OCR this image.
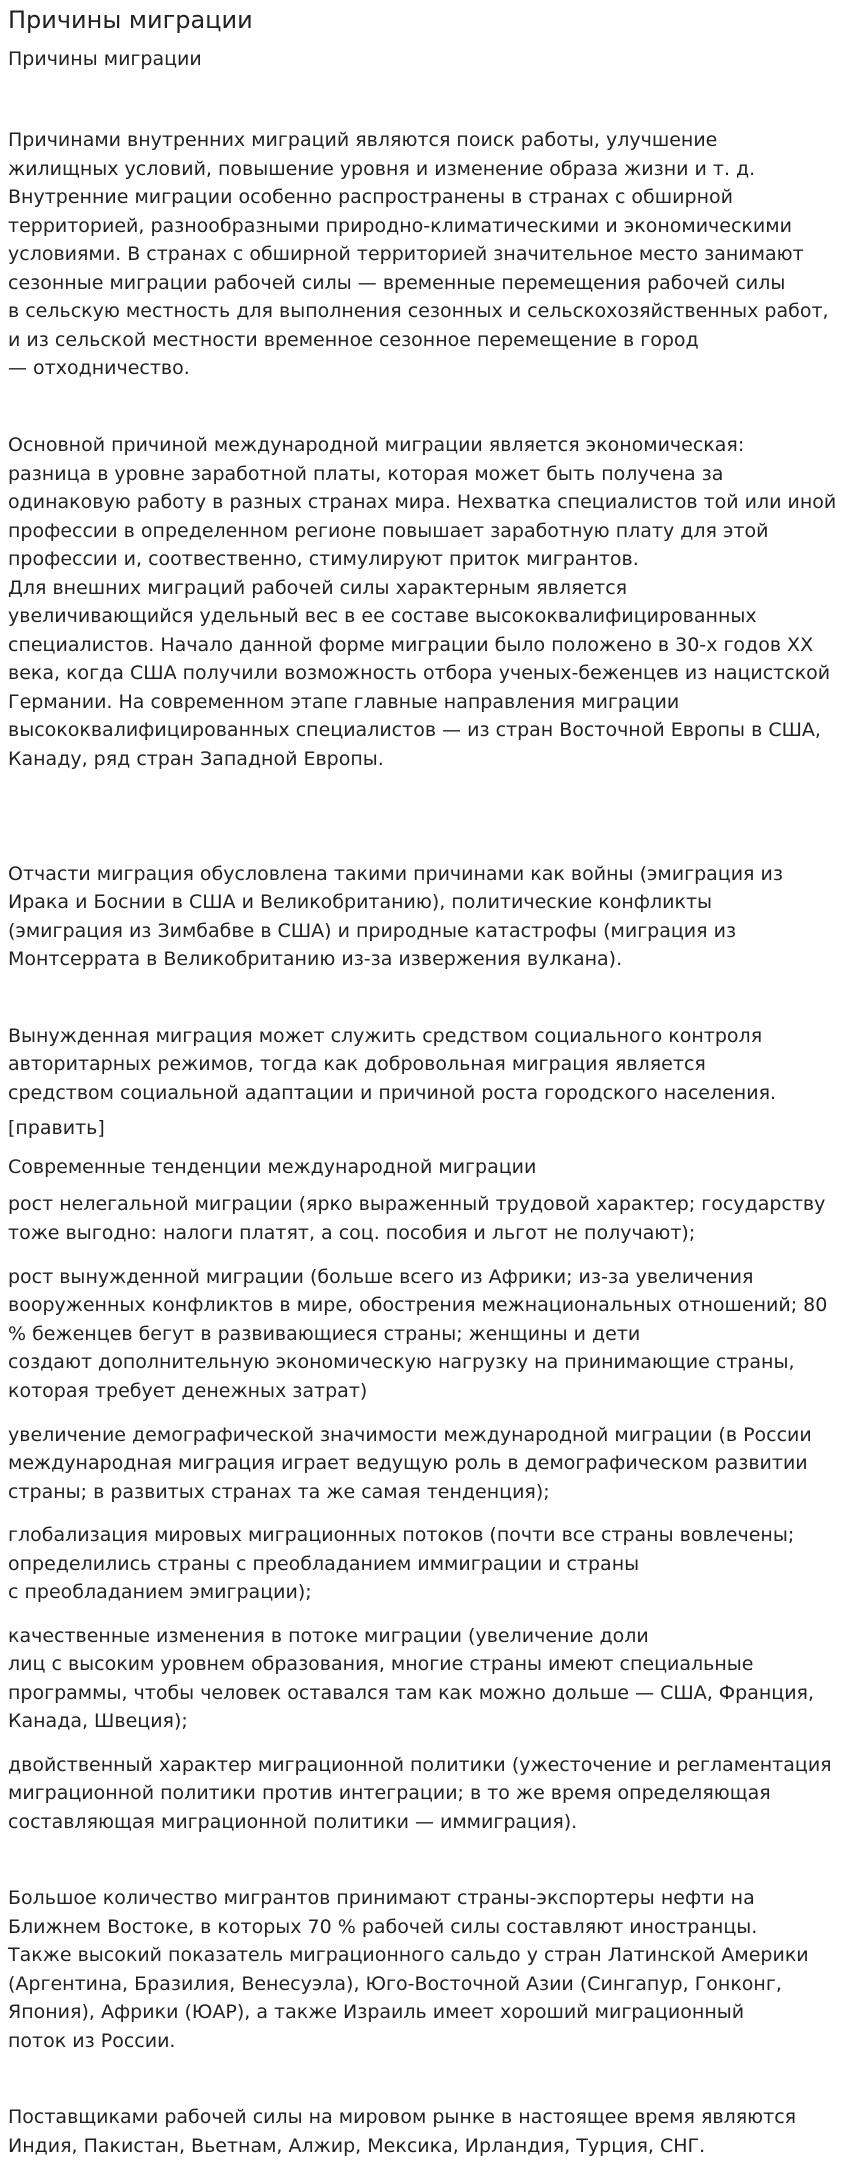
Причины миграции
Причины миграции
Причинами внутренних миграций являются поиск работы, улучшение
жилищных условий, повышение уровня и изменение образа жизни и т. д.
Внутренние миграции особенно распространены в странах с обширной
территорией, разнообразными природно-климатическими и экономическими
условиями. В странах с обширной территорией значительное место занимают
сезонные миграции рабочей силы — временные перемещения рабочей силы
в сельскую местность для выполнения сезонных и сельскохозяйственных работ,
и из сельской местности временное сезонное перемещение в город
— отходничество.
Основной причиной международной миграции является экономическая:
разница в уровне заработной платы, которая может быть получена за
одинаковую работу в разных странах мира. Нехватка специалистов той или иной
профессии в определенном регионе повышает заработную плату для этой
профессии и, соотвественно, стимулируют приток мигрантов.
Для внешних миграций рабочей силы характерным является
увеличивающийся удельный вес в ее составе высококвалифицированных
специалистов. Начало данной форме миграции было положено в 30-х годов XX
века, когда США получили возможность отбора ученых-беженцев из нацистской
Германии. На современном этапе главные направления миграции
высококвалифицированных специалистов — из стран Восточной Европы в США,
Канаду, ряд стран Западной Европы.
Отчасти миграция обусловлена такими причинами как войны (эмиграция из
Ирака и Боснии в США и Великобританию), политические конфликты
(эмиграция из Зимбабве в США) и природные катастрофы (миграция из
Монтсеррата в Великобританию из-за извержения вулкана).
Вынужденная миграция может служить средством социального контроля
авторитарных режимов, тогда как добровольная миграция является
средством социальной адаптации и причиной роста городского населения.
[править]
Современные тенденции международной миграции
рост нелегальной миграции (ярко выраженный трудовой характер; государству
тоже выгодно: налоги платят, а соц. пособия и льгот не получают);
рост вынужденной миграции (больше всего из Африки; из-за увеличения
вооруженных конфликтов в мире, обострения межнациональных отношений; 80
% беженцев бегут в развивающиеся страны; женщины и дети
создают дополнительную экономическую нагрузку на принимающие страны,
которая требует денежных затрат)
увеличение демографической значимости международной миграции (в России
международная миграция играет ведущую роль в демографическом развитии
страны; в развитых странах та же самая тенденция);
глобализация мировых миграционных потоков (почти все страны вовлечены;
определились страны с преобладанием иммиграции и страны
с преобладанием эмиграции);
качественные изменения в потоке миграции (увеличение доли
лиц с высоким уровнем образования, многие страны имеют специальные
программы, чтобы человек оставался там как можно дольше — США, Франция,
Канада, Швеция);
двойственный характер миграционной политики (ужесточение и регламентация
миграционной политики против интеграции; в то же время определяющая
составляющая миграционной политики — иммиграция).
Большое количество мигрантов принимают страны-экспортеры нефти на
Ближнем Востоке, в которых 70 % рабочей силы составляют иностранцы.
Также высокий показатель миграционного сальдо у стран Латинской Америки
(Аргентина, Бразилия, Венесуэла), Юго-Восточной Азии (Сингапур, Гонконг,
Япония), Африки (ЮАР), а также Израиль имеет хороший миграционный
поток из России.
Поставщиками рабочей силы на мировом рынке в настоящее время являются
Индия, Пакистан, Вьетнам, Алжир, Мексика, Ирландия, Турция, СНГ.
